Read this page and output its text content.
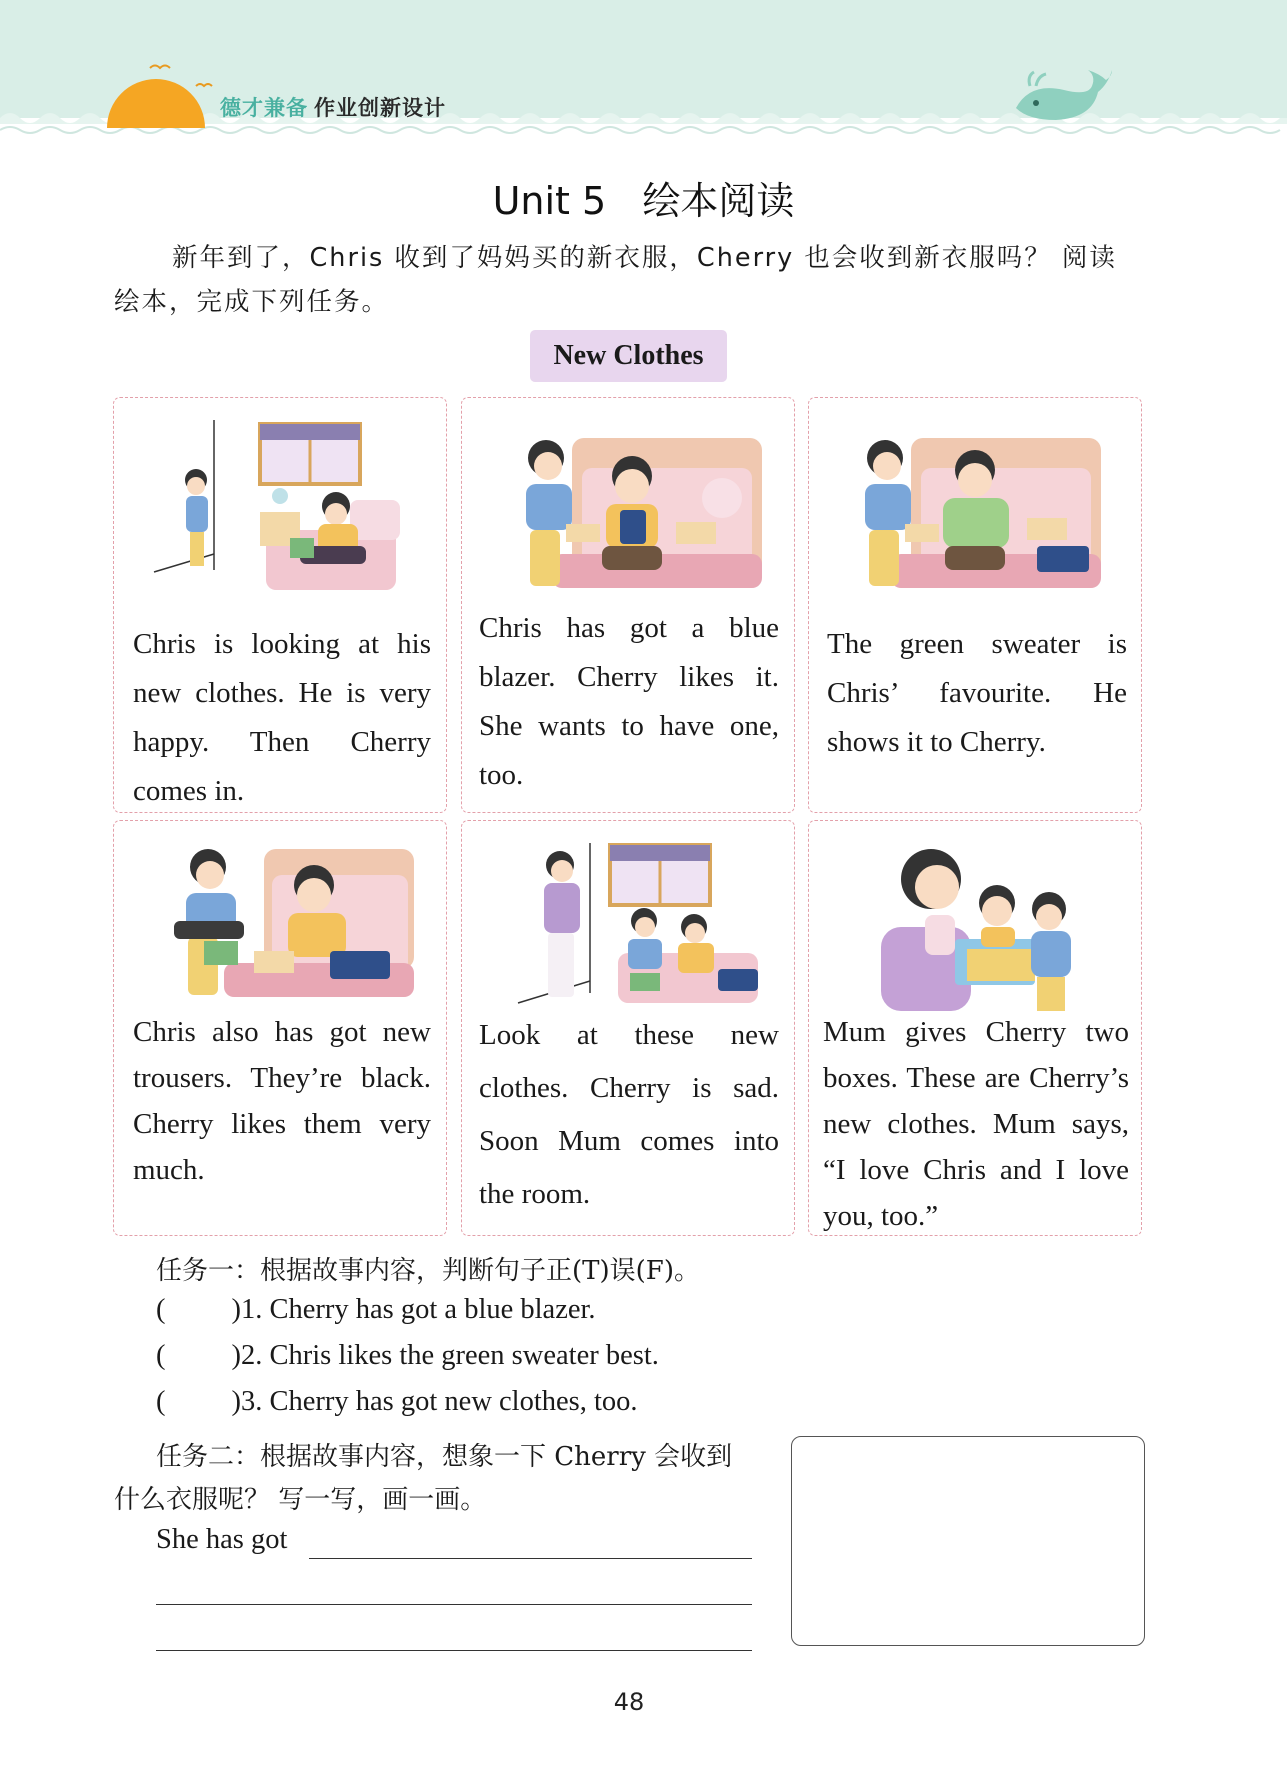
德才兼备 作业创新设计
Unit 5   绘本阅读
新年到了，Chris 收到了妈妈买的新衣服，Cherry 也会收到新衣服吗？ 阅读绘本，完成下列任务。
New Clothes
Chris is looking at his new clothes. He is very happy. Then Cherry comes in.
Chris has got a blue blazer. Cherry likes it. She wants to have one, too.
The green sweater is Chris’ favourite. He shows it to Cherry.
Chris also has got new trousers. They’re black. Cherry likes them very much.
Look at these new clothes. Cherry is sad. Soon Mum comes into the room.
Mum gives Cherry two boxes. These are Cherry’s new clothes. Mum says, “I love Chris and I love you, too.”
任务一：根据故事内容，判断句子正(T)误(F)。
( )1. Cherry has got a blue blazer.
( )2. Chris likes the green sweater best.
( )3. Cherry has got new clothes, too.
任务二：根据故事内容，想象一下 Cherry 会收到
什么衣服呢？ 写一写，画一画。
She has got
48
